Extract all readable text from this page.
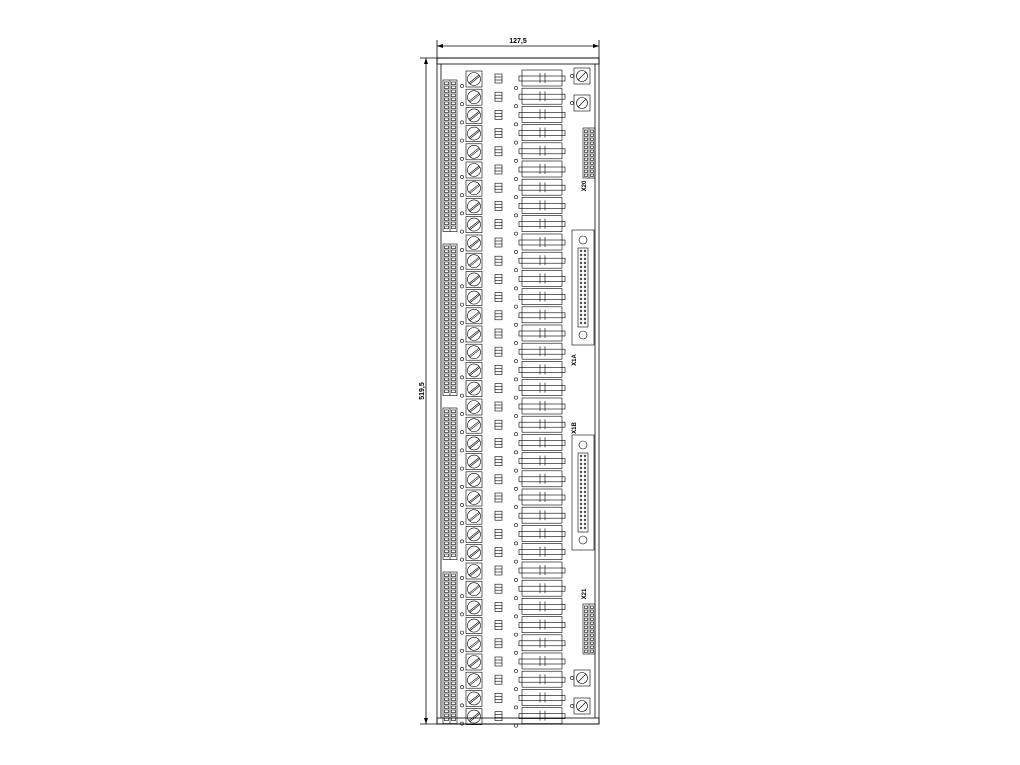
127,5
519,5
X20
X1A
X1B
X21
